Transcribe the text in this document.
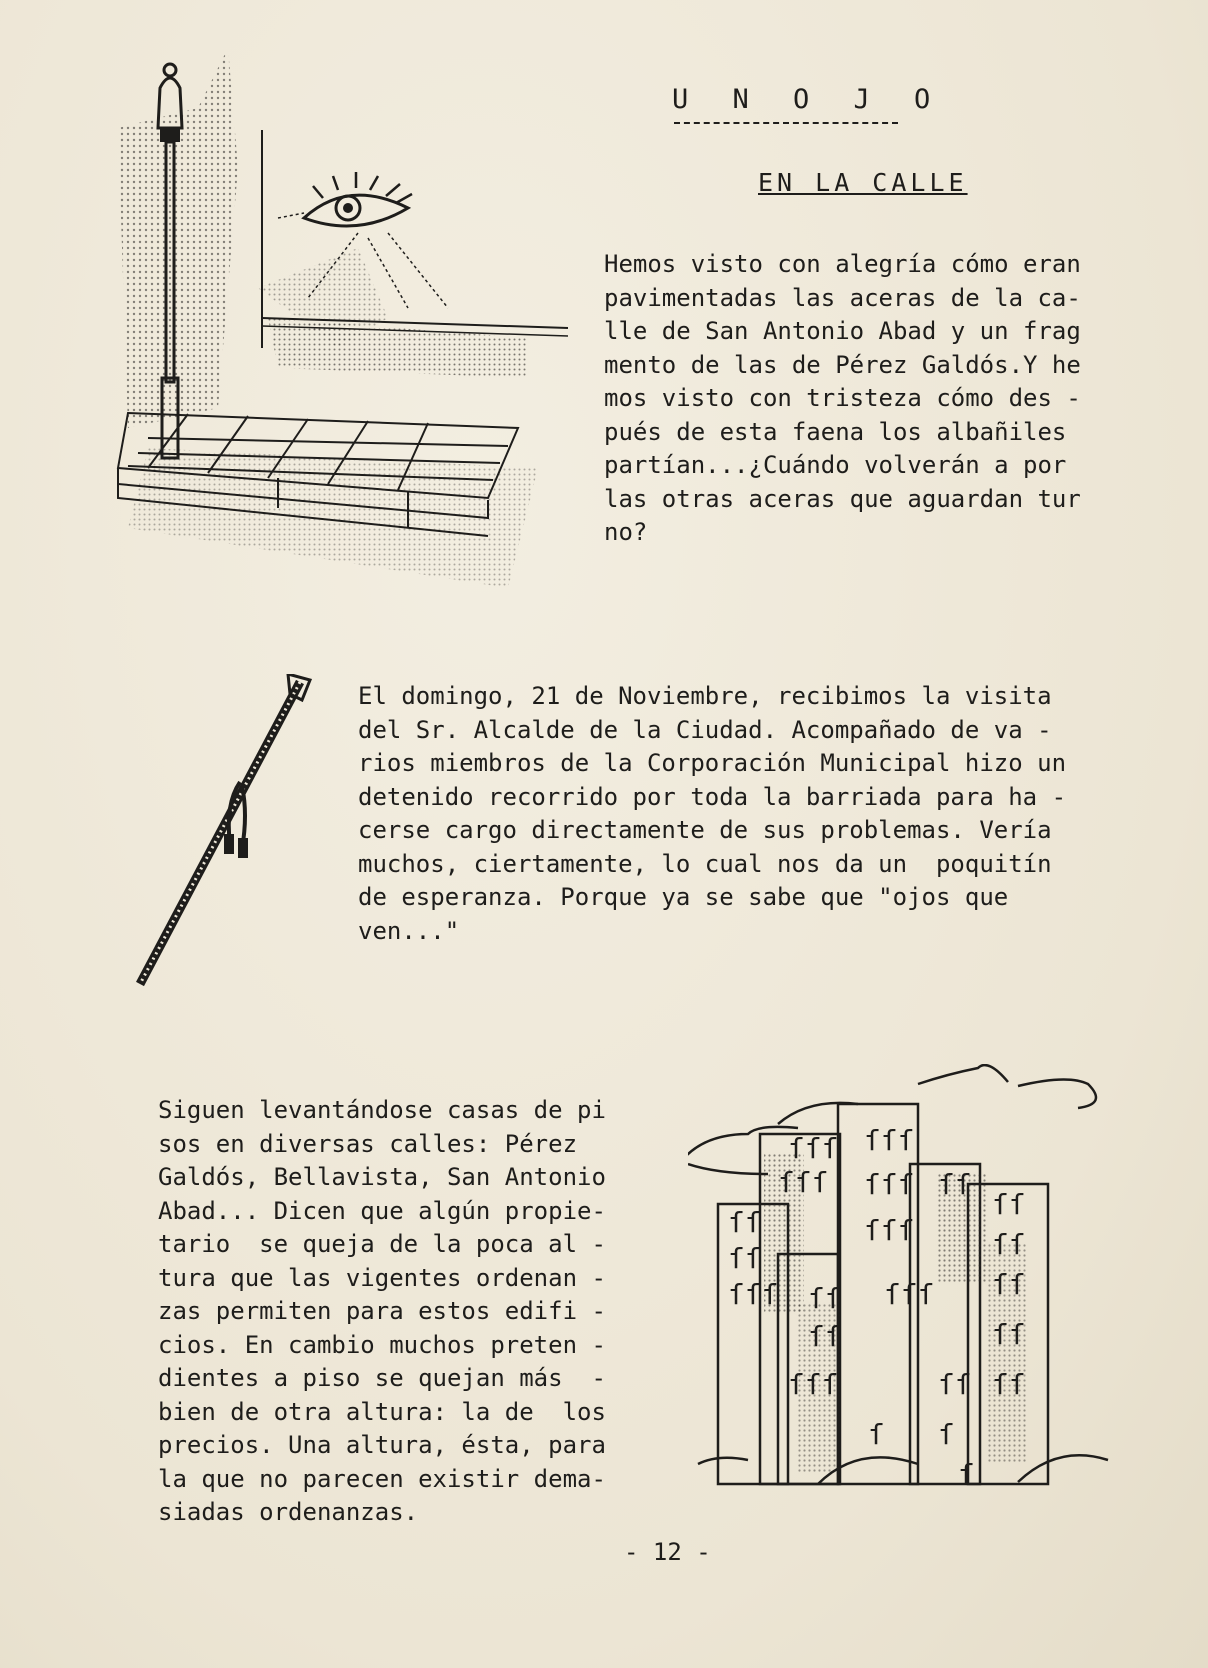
U N O J O
EN LA CALLE

Hemos visto con alegría cómo eran
pavimentadas las aceras de la ca-
lle de San Antonio Abad y un frag
mento de las de Pérez Galdós.Y he
mos visto con tristeza cómo des -
pués de esta faena los albañiles
partían...¿Cuándo volverán a por
las otras aceras que aguardan tur
no?

El domingo, 21 de Noviembre, recibimos la visita
del Sr. Alcalde de la Ciudad. Acompañado de va -
rios miembros de la Corporación Municipal hizo un
detenido recorrido por toda la barriada para ha -
cerse cargo directamente de sus problemas. Vería
muchos, ciertamente, lo cual nos da un  poquitín
de esperanza. Porque ya se sabe que "ojos que
ven..."

Siguen levantándose casas de pi
sos en diversas calles: Pérez
Galdós, Bellavista, San Antonio
Abad... Dicen que algún propie-
tario  se queja de la poca al -
tura que las vigentes ordenan -
zas permiten para estos edifi -
cios. En cambio muchos preten -
dientes a piso se quejan más  -
bien de otra altura: la de  los
precios. Una altura, ésta, para
la que no parecen existir dema-
siadas ordenanzas.

ſſſ ſſſ
ſſſ
ſſſ
ſſ
ſſ
ſſſ
ſſſ
ſſ
ſſ
ſſſ
ſſſ
ſſ
ſſ
ſſ
ſſ
ſſ
ſſ
ſſ
ſ ſ
ſ
- 12 -
